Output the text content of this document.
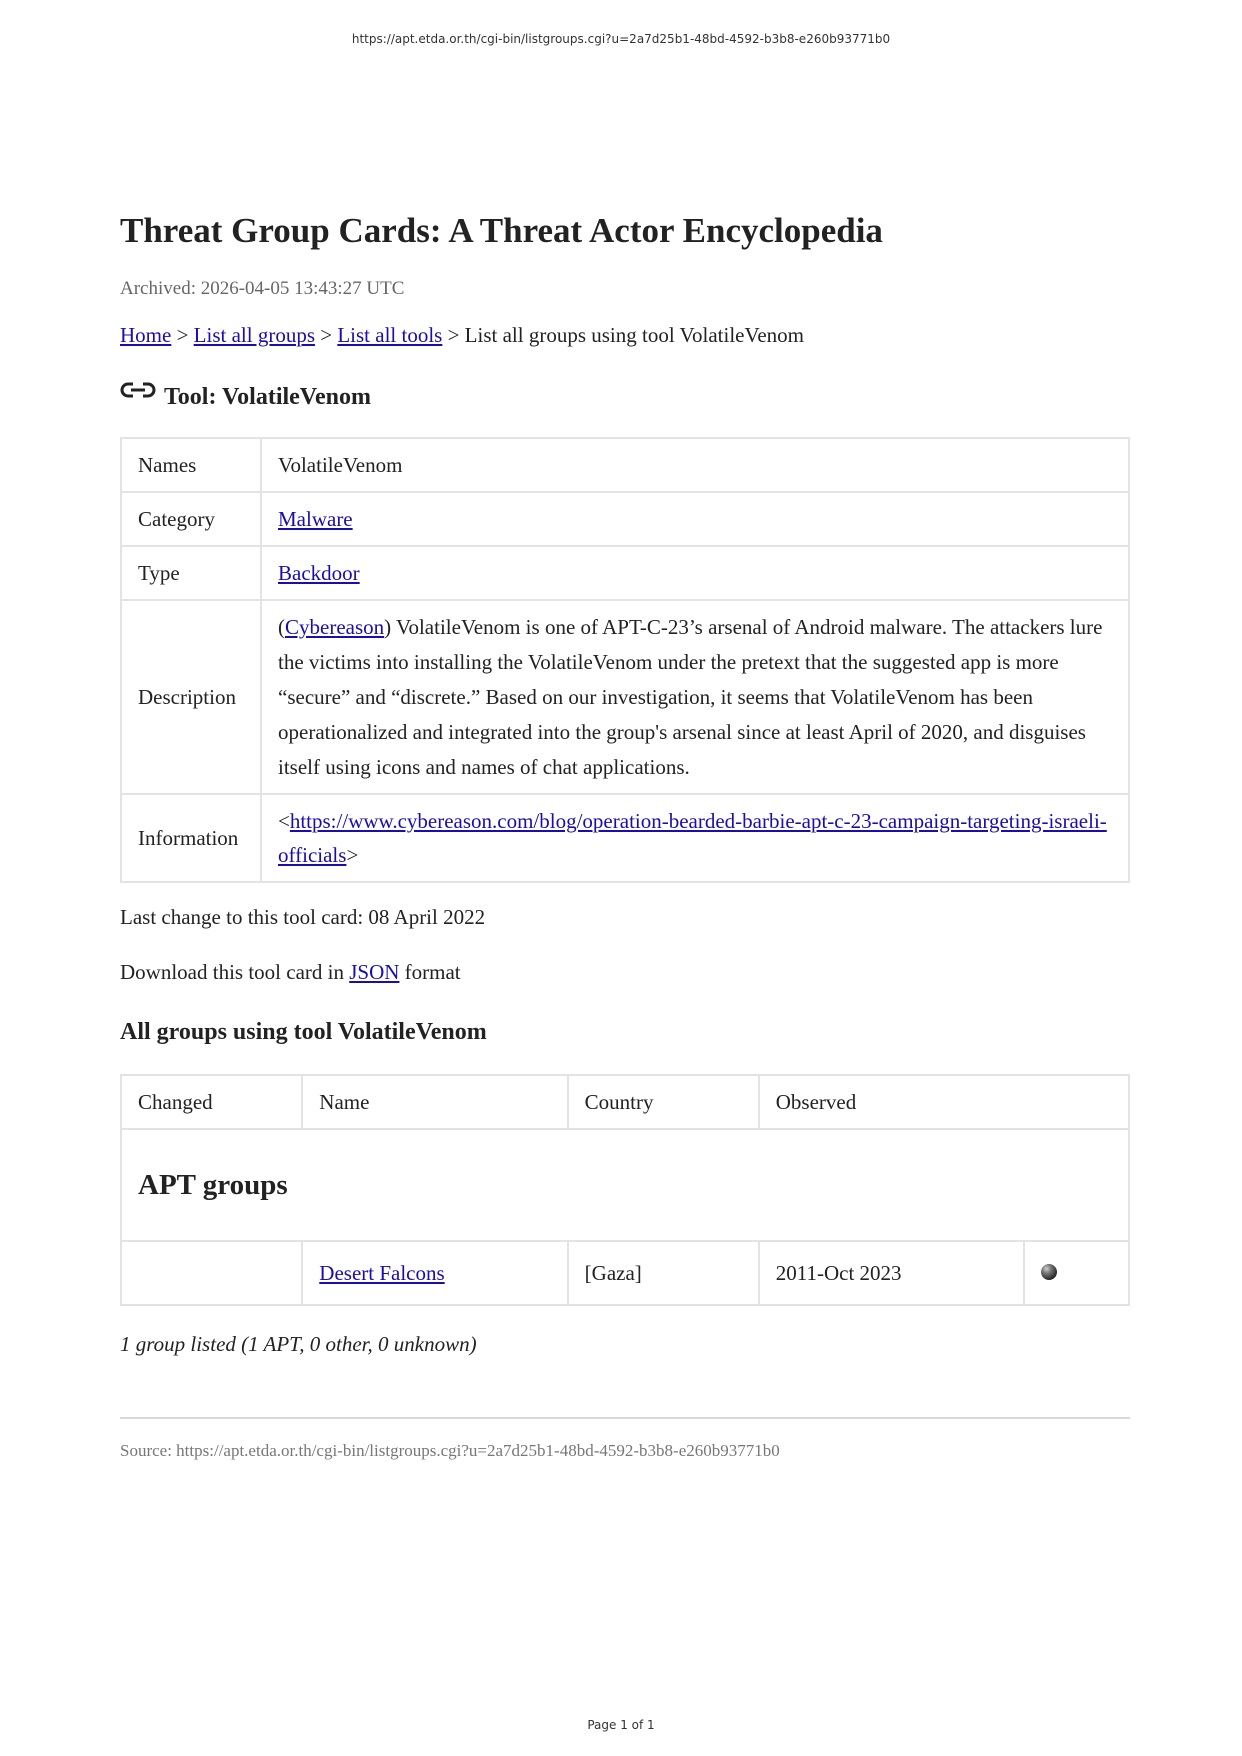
https://apt.etda.or.th/cgi-bin/listgroups.cgi?u=2a7d25b1-48bd-4592-b3b8-e260b93771b0
Threat Group Cards: A Threat Actor Encyclopedia
Archived: 2026-04-05 13:43:27 UTC
Home > List all groups > List all tools > List all groups using tool VolatileVenom
Tool: VolatileVenom
Names	VolatileVenom
Category	Malware
Type	Backdoor
Description	(Cybereason) VolatileVenom is one of APT-C-23’s arsenal of Android malware. The attackers lure the victims into installing the VolatileVenom under the pretext that the suggested app is more “secure” and “discrete.” Based on our investigation, it seems that VolatileVenom has been operationalized and integrated into the group's arsenal since at least April of 2020, and disguises itself using icons and names of chat applications.
Information	<https://www.cybereason.com/blog/operation-bearded-barbie-apt-c-23-campaign-targeting-israeli-officials>
Last change to this tool card: 08 April 2022
Download this tool card in JSON format
All groups using tool VolatileVenom
Changed	Name	Country	Observed	
APT groups				
	Desert Falcons	[Gaza]	2011-Oct 2023	
1 group listed (1 APT, 0 other, 0 unknown)
Source: https://apt.etda.or.th/cgi-bin/listgroups.cgi?u=2a7d25b1-48bd-4592-b3b8-e260b93771b0
Page 1 of 1
